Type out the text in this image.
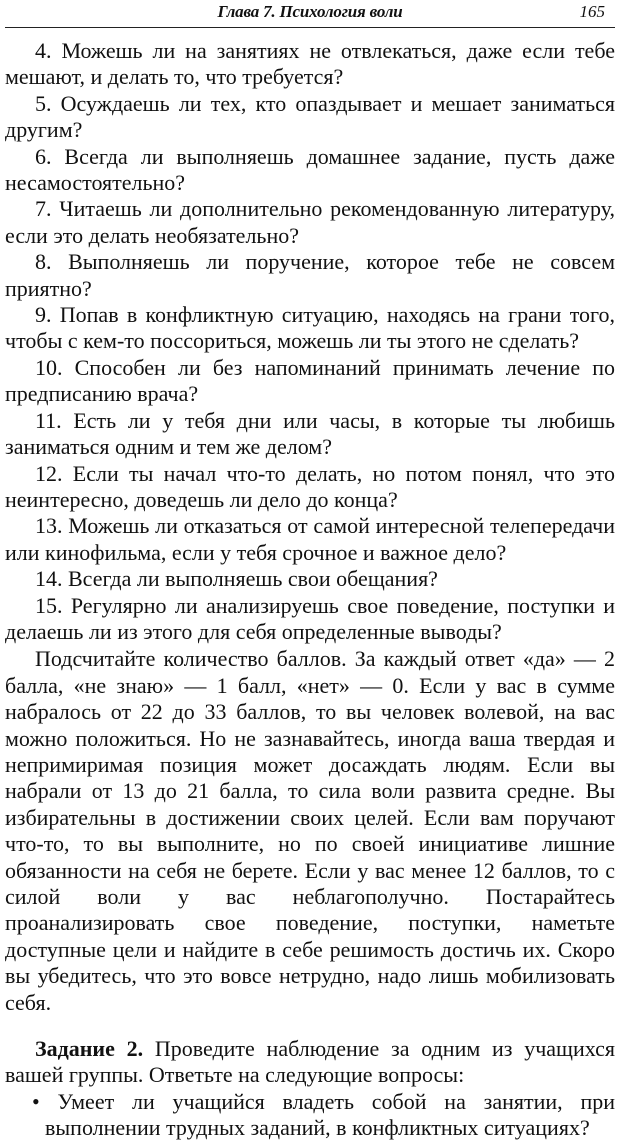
Глава 7. Психология воли	165

4. Можешь ли на занятиях не отвлекаться, даже если тебе мешают, и делать то, что требуется?

5. Осуждаешь ли тех, кто опаздывает и мешает заниматься другим?

6. Всегда ли выполняешь домашнее задание, пусть даже несамостоятельно?

7. Читаешь ли дополнительно рекомендованную литературу, если это делать необязательно?

8. Выполняешь ли поручение, которое тебе не совсем приятно?

9. Попав в конфликтную ситуацию, находясь на грани того, чтобы с кем-то поссориться, можешь ли ты этого не сделать?

10. Способен ли без напоминаний принимать лечение по предписанию врача?

11. Есть ли у тебя дни или часы, в которые ты любишь заниматься одним и тем же делом?

12. Если ты начал что-то делать, но потом понял, что это неинтересно, доведешь ли дело до конца?

13. Можешь ли отказаться от самой интересной телепередачи или кинофильма, если у тебя срочное и важное дело?

14. Всегда ли выполняешь свои обещания?

15. Регулярно ли анализируешь свое поведение, поступки и делаешь ли из этого для себя определенные выводы?

Подсчитайте количество баллов. За каждый ответ «да» — 2 балла, «не знаю» — 1 балл, «нет» — 0. Если у вас в сумме набралось от 22 до 33 баллов, то вы человек волевой, на вас можно положиться. Но не зазнавайтесь, иногда ваша твердая и непримиримая позиция может досаждать людям. Если вы набрали от 13 до 21 балла, то сила воли развита средне. Вы избирательны в достижении своих целей. Если вам поручают что-то, то вы выполните, но по своей инициативе лишние обязанности на себя не берете. Если у вас менее 12 баллов, то с силой воли у вас неблагополучно. Постарайтесь проанализировать свое поведение, поступки, наметьте доступные цели и найдите в себе решимость достичь их. Скоро вы убедитесь, что это вовсе нетрудно, надо лишь мобилизовать себя.

Задание 2. Проведите наблюдение за одним из учащихся вашей группы. Ответьте на следующие вопросы:

• Умеет ли учащийся владеть собой на занятии, при выполнении трудных заданий, в конфликтных ситуациях?
